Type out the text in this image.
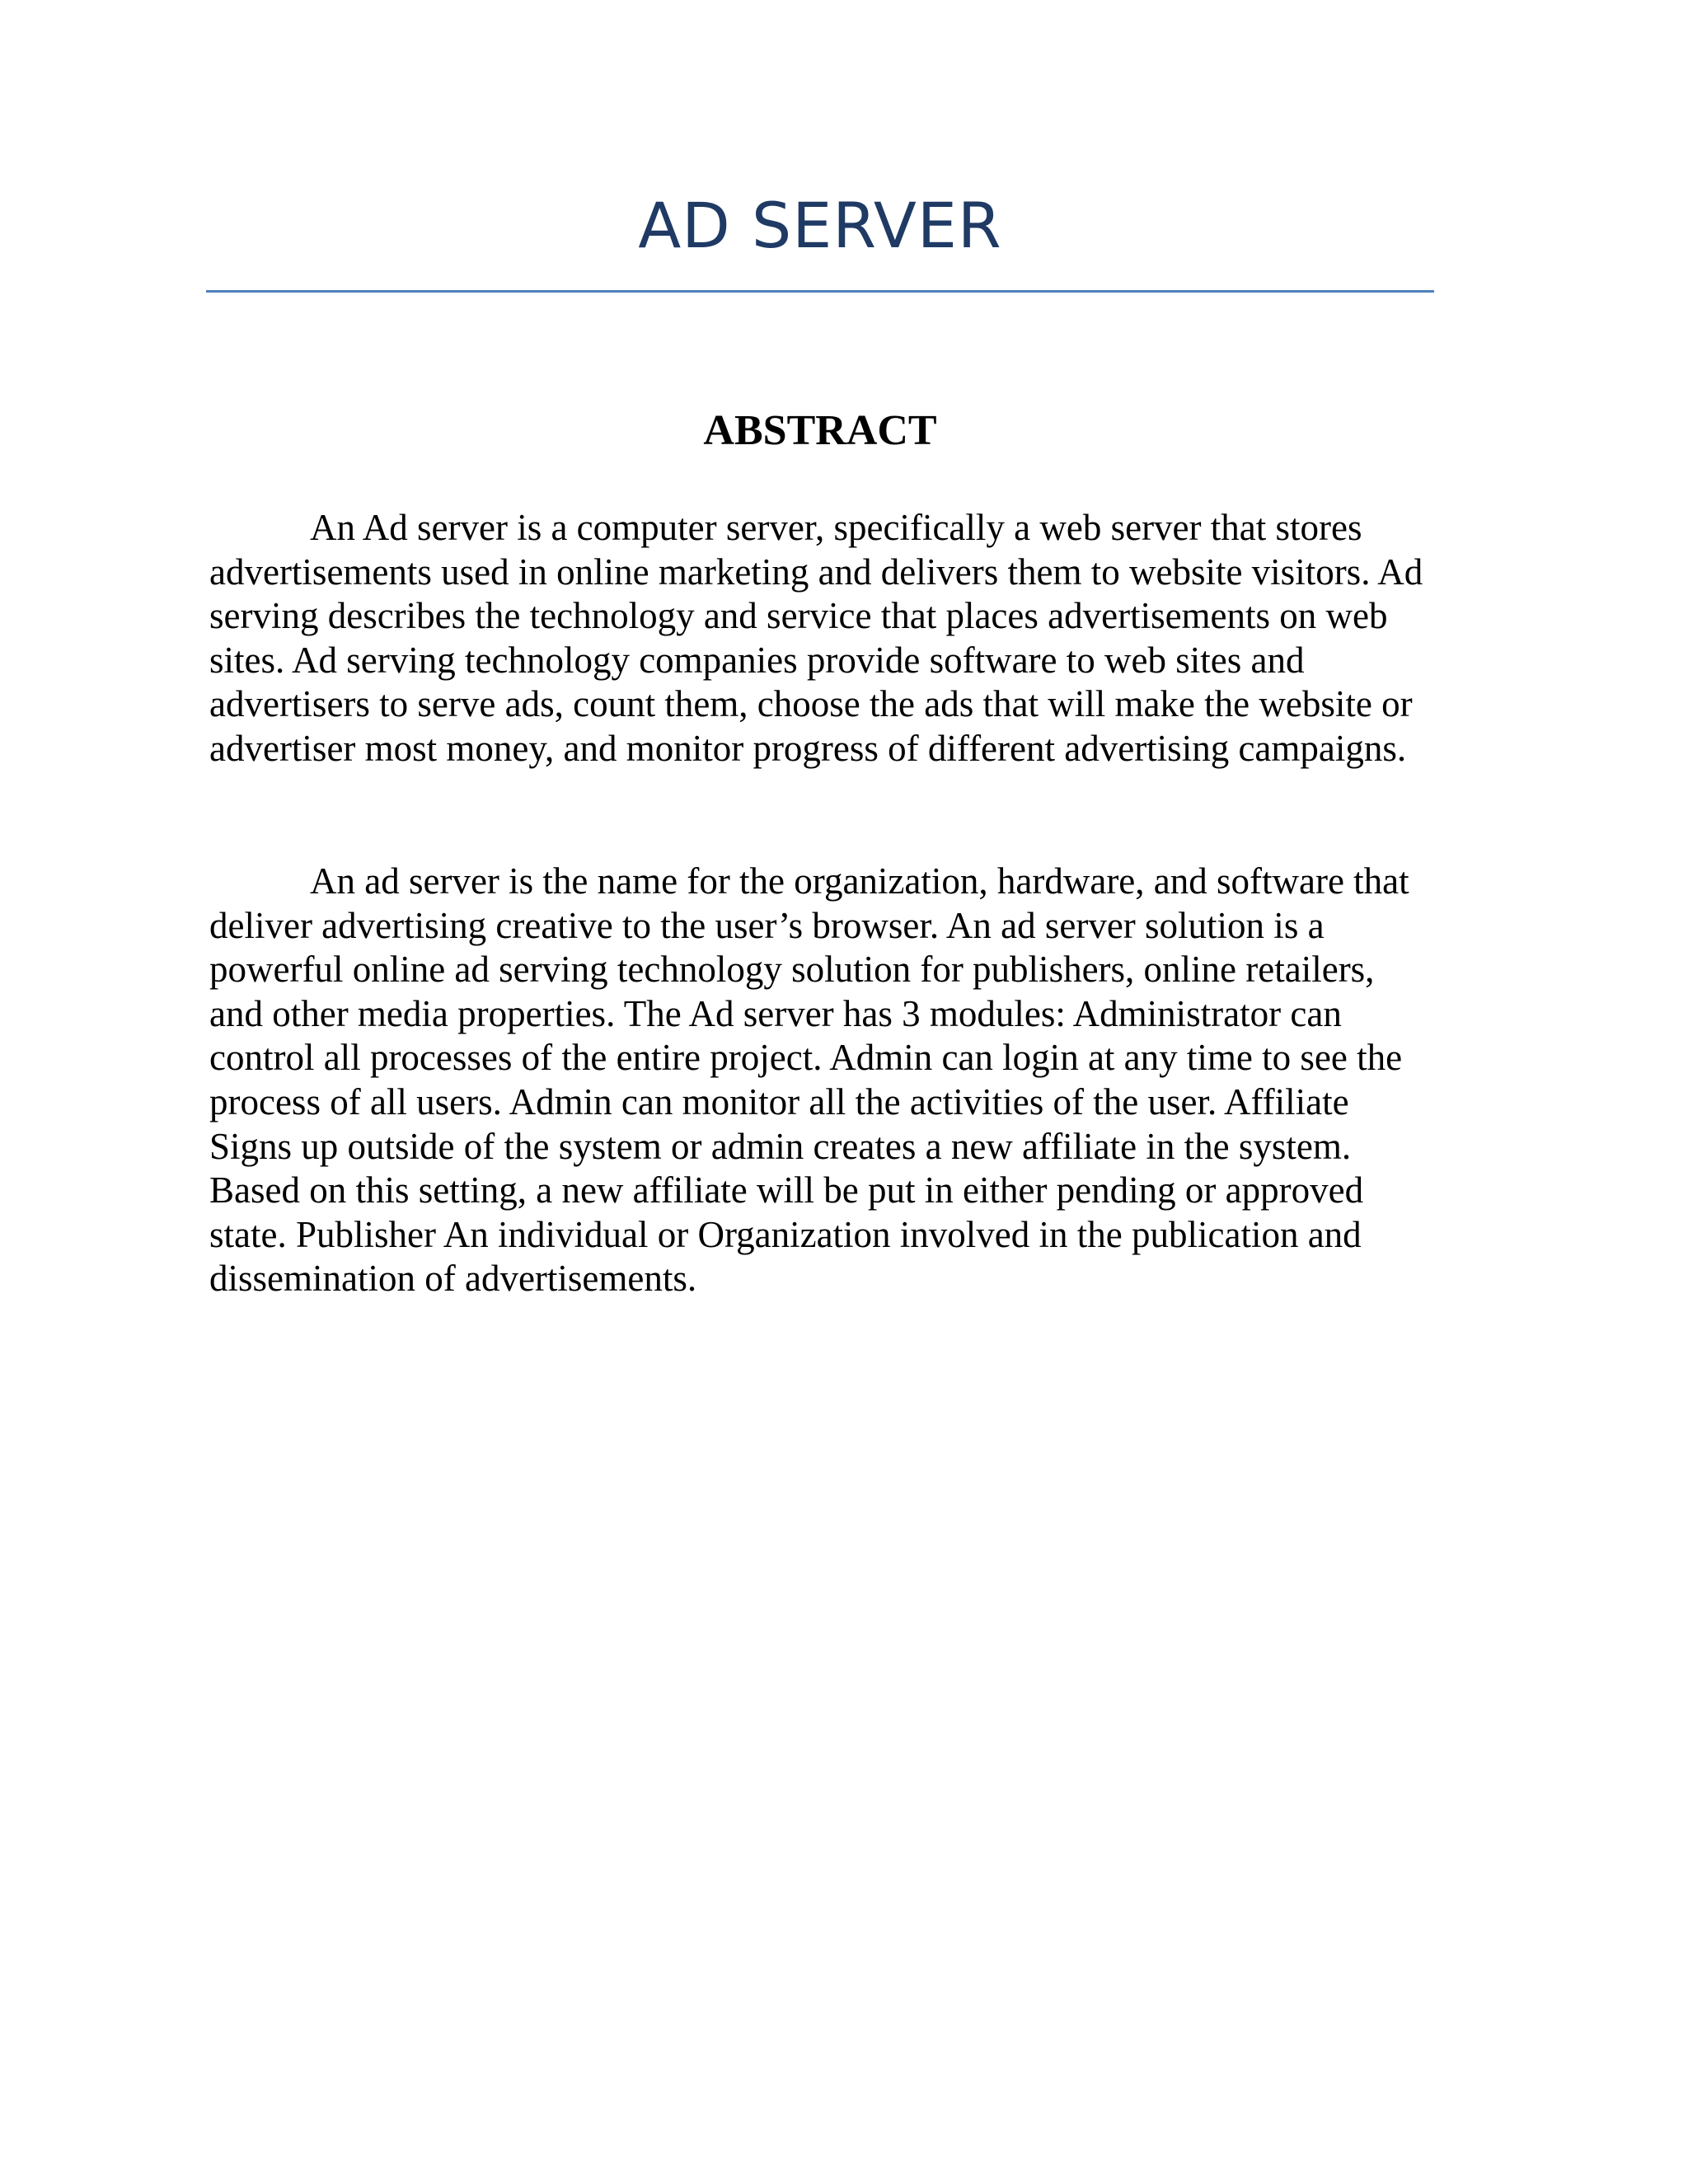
AD SERVER
ABSTRACT

An Ad server is a computer server, specifically a web server that stores advertisements used in online marketing and delivers them to website visitors. Ad serving describes the technology and service that places advertisements on web sites. Ad serving technology companies provide software to web sites and advertisers to serve ads, count them, choose the ads that will make the website or advertiser most money, and monitor progress of different advertising campaigns.

An ad server is the name for the organization, hardware, and software that deliver advertising creative to the user’s browser. An ad server solution is a powerful online ad serving technology solution for publishers, online retailers, and other media properties. The Ad server has 3 modules: Administrator can control all processes of the entire project. Admin can login at any time to see the process of all users. Admin can monitor all the activities of the user. Affiliate Signs up outside of the system or admin creates a new affiliate in the system. Based on this setting, a new affiliate will be put in either pending or approved state. Publisher An individual or Organization involved in the publication and dissemination of advertisements.
